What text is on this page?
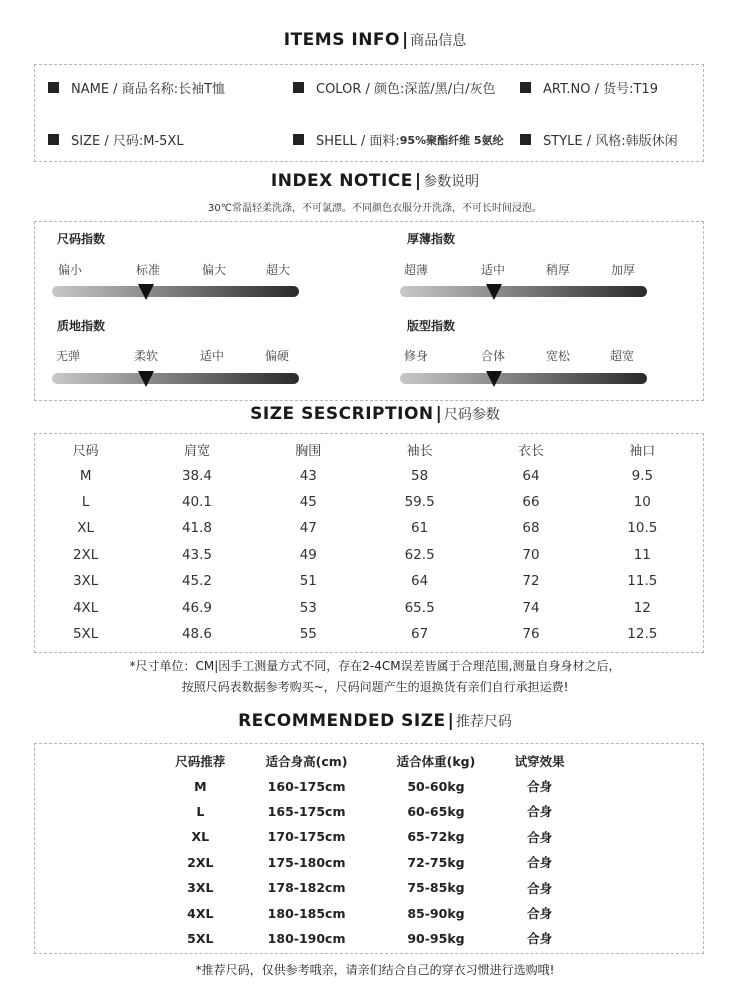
ITEMS INFO | 商品信息
NAME / 商品名称:长袖T恤	COLOR / 颜色:深蓝/黑/白/灰色	ART.NO / 货号:T19
SIZE / 尺码:M-5XL	SHELL / 面料: 95%聚酯纤维 5氨纶	STYLE / 风格:韩版休闲
INDEX NOTICE | 参数说明
30℃常温轻柔洗涤，不可氯漂。不同颜色衣服分开洗涤，不可长时间浸泡。
尺码指数
偏小	标准	偏大	超大
厚薄指数
超薄	适中	稍厚	加厚
质地指数
无弹	柔软	适中	偏硬
版型指数
修身	合体	宽松	超宽
SIZE SESCRIPTION | 尺码参数
尺码	肩宽	胸围	袖长	衣长	袖口
M	38.4	43	58	64	9.5
L	40.1	45	59.5	66	10
XL	41.8	47	61	68	10.5
2XL	43.5	49	62.5	70	11
3XL	45.2	51	64	72	11.5
4XL	46.9	53	65.5	74	12
5XL	48.6	55	67	76	12.5
*尺寸单位：CM|因手工测量方式不同，存在2-4CM误差皆属于合理范围,测量自身身材之后，
按照尺码表数据参考购买~，尺码问题产生的退换货有亲们自行承担运费!
RECOMMENDED SIZE | 推荐尺码
尺码推荐	适合身高(cm)	适合体重(kg)	试穿效果
M	160-175cm	50-60kg	合身
L	165-175cm	60-65kg	合身
XL	170-175cm	65-72kg	合身
2XL	175-180cm	72-75kg	合身
3XL	178-182cm	75-85kg	合身
4XL	180-185cm	85-90kg	合身
5XL	180-190cm	90-95kg	合身
*推荐尺码，仅供参考哦亲，请亲们结合自己的穿衣习惯进行选购哦!
